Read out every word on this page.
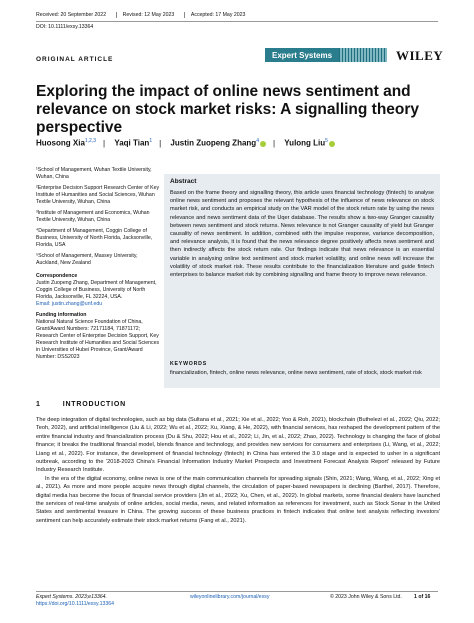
Received: 20 September 2022	Revised: 12 May 2023	Accepted: 17 May 2023
DOI: 10.1111/exsy.13364
ORIGINAL ARTICLE	Expert Systems	WILEY
Exploring the impact of online news sentiment and relevance on stock market risks: A signalling theory perspective
Huosong Xia$^{1,2,3}$ | Yaqi Tian$^1$ | Justin Zuopeng Zhang$^4$ | Yulong Liu$^5$

¹School of Management, Wuhan Textile University, Wuhan, China

²Enterprise Decision Support Research Center of Key Institute of Humanities and Social Sciences, Wuhan Textile University, Wuhan, China

³Institute of Management and Economics, Wuhan Textile University, Wuhan, China

⁴Department of Management, Coggin College of Business, University of North Florida, Jacksonville, Florida, USA

⁵School of Management, Massey University, Auckland, New Zealand

Correspondence

Justin Zuopeng Zhang, Department of Management, Coggin College of Business, University of North Florida, Jacksonville, FL 32224, USA.

Email: justin.zhang@unf.edu

Funding information

National Natural Science Foundation of China, Grant/Award Numbers: 72171184, 71871172; Research Center of Enterprise Decision Support, Key Research Institute of Humanities and Social Sciences in Universities of Hubei Province, Grant/Award Number: DSS2023

Abstract
Based on the frame theory and signalling theory, this article uses financial technology (fintech) to analyse online news sentiment and proposes the relevant hypothesis of the influence of news relevance on stock market risk, and conducts an empirical study on the VAR model of the stock return rate by using the news relevance and news sentiment data of the Uqer database. The results show a two-way Granger causality between news sentiment and stock returns. News relevance is not Granger causality of yield but Granger causality of news sentiment. In addition, combined with the impulse response, variance decomposition, and relevance analysis, it is found that the news relevance degree positively affects news sentiment and then indirectly affects the stock return rate. Our findings indicate that news relevance is an essential variable in analysing online text sentiment and stock market volatility, and online news will increase the volatility of stock market risk. These results contribute to the financialization literature and guide fintech enterprises to balance market risk by combining signalling and frame theory to improve news relevance.
KEYWORDS
financialization, fintech, online news relevance, online news sentiment, rate of stock, stock market risk
1	INTRODUCTION

The deep integration of digital technologies, such as big data (Sultana et al., 2021; Xie et al., 2022; Yoo & Roh, 2021), blockchain (Buthelezi et al., 2022; Qiu, 2022; Teoh, 2022), and artificial intelligence (Liu & Li, 2022; Wu et al., 2022; Xu, Xiang, & He, 2022), with financial services, has reshaped the development pattern of the entire financial industry and financialization process (Du & Shu, 2022; Hou et al., 2022; Li, Jin, et al., 2022; Zhao, 2022). Technology is changing the face of global finance; it breaks the traditional financial model, blends finance and technology, and provides new services for consumers and enterprises (Li, Wang, et al., 2022; Liang et al., 2022). For instance, the development of financial technology (fintech) in China has entered the 3.0 stage and is expected to usher in a significant outbreak, according to the '2018-2023 China's Financial Information Industry Market Prospects and Investment Forecast Analysis Report' released by Future Industry Research Institute.

In the era of the digital economy, online news is one of the main communication channels for spreading signals (Shin, 2021; Wang, Wang, et al., 2022; Xing et al., 2021). As more and more people acquire news through digital channels, the circulation of paper-based newspapers is declining (Barthel, 2017). Therefore, digital media has become the focus of financial service providers (Jin et al., 2022; Xu, Chen, et al., 2022). In global markets, some financial dealers have launched the services of real-time analysis of online articles, social media, news, and related information as references for investment, such as Stock Sonar in the United States and sentimental treasure in China. The growing success of these business practices in fintech indicates that online text analysis reflecting investors' sentiment can help accurately estimate their stock market returns (Fang et al., 2021).

Expert Systems. 2023;e13364.
https://doi.org/10.1111/exsy.13364
wileyonlinelibrary.com/journal/exsy	© 2023 John Wiley & Sons Ltd. 1 of 16
